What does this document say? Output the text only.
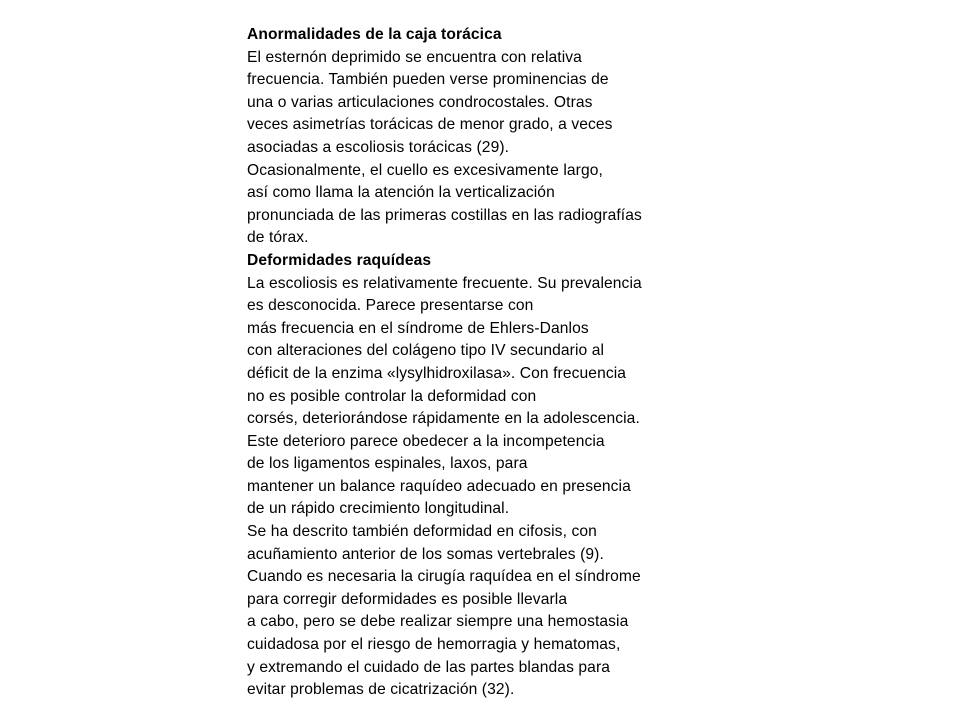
Anormalidades de la caja torácica
El esternón deprimido se encuentra con relativa
frecuencia. También pueden verse prominencias de
una o varias articulaciones condrocostales. Otras
veces asimetrías torácicas de menor grado, a veces
asociadas a escoliosis torácicas (29).
Ocasionalmente, el cuello es excesivamente largo,
así como llama la atención la verticalización
pronunciada de las primeras costillas en las radiografías
de tórax.
Deformidades raquídeas
La escoliosis es relativamente frecuente. Su prevalencia
es desconocida. Parece presentarse con
más frecuencia en el síndrome de Ehlers-Danlos
con alteraciones del colágeno tipo IV secundario al
déficit de la enzima «lysylhidroxilasa». Con frecuencia
no es posible controlar la deformidad con
corsés, deteriorándose rápidamente en la adolescencia.
Este deterioro parece obedecer a la incompetencia
de los ligamentos espinales, laxos, para
mantener un balance raquídeo adecuado en presencia
de un rápido crecimiento longitudinal.
Se ha descrito también deformidad en cifosis, con
acuñamiento anterior de los somas vertebrales (9).
Cuando es necesaria la cirugía raquídea en el síndrome
para corregir deformidades es posible llevarla
a cabo, pero se debe realizar siempre una hemostasia
cuidadosa por el riesgo de hemorragia y hematomas,
y extremando el cuidado de las partes blandas para
evitar problemas de cicatrización (32).
